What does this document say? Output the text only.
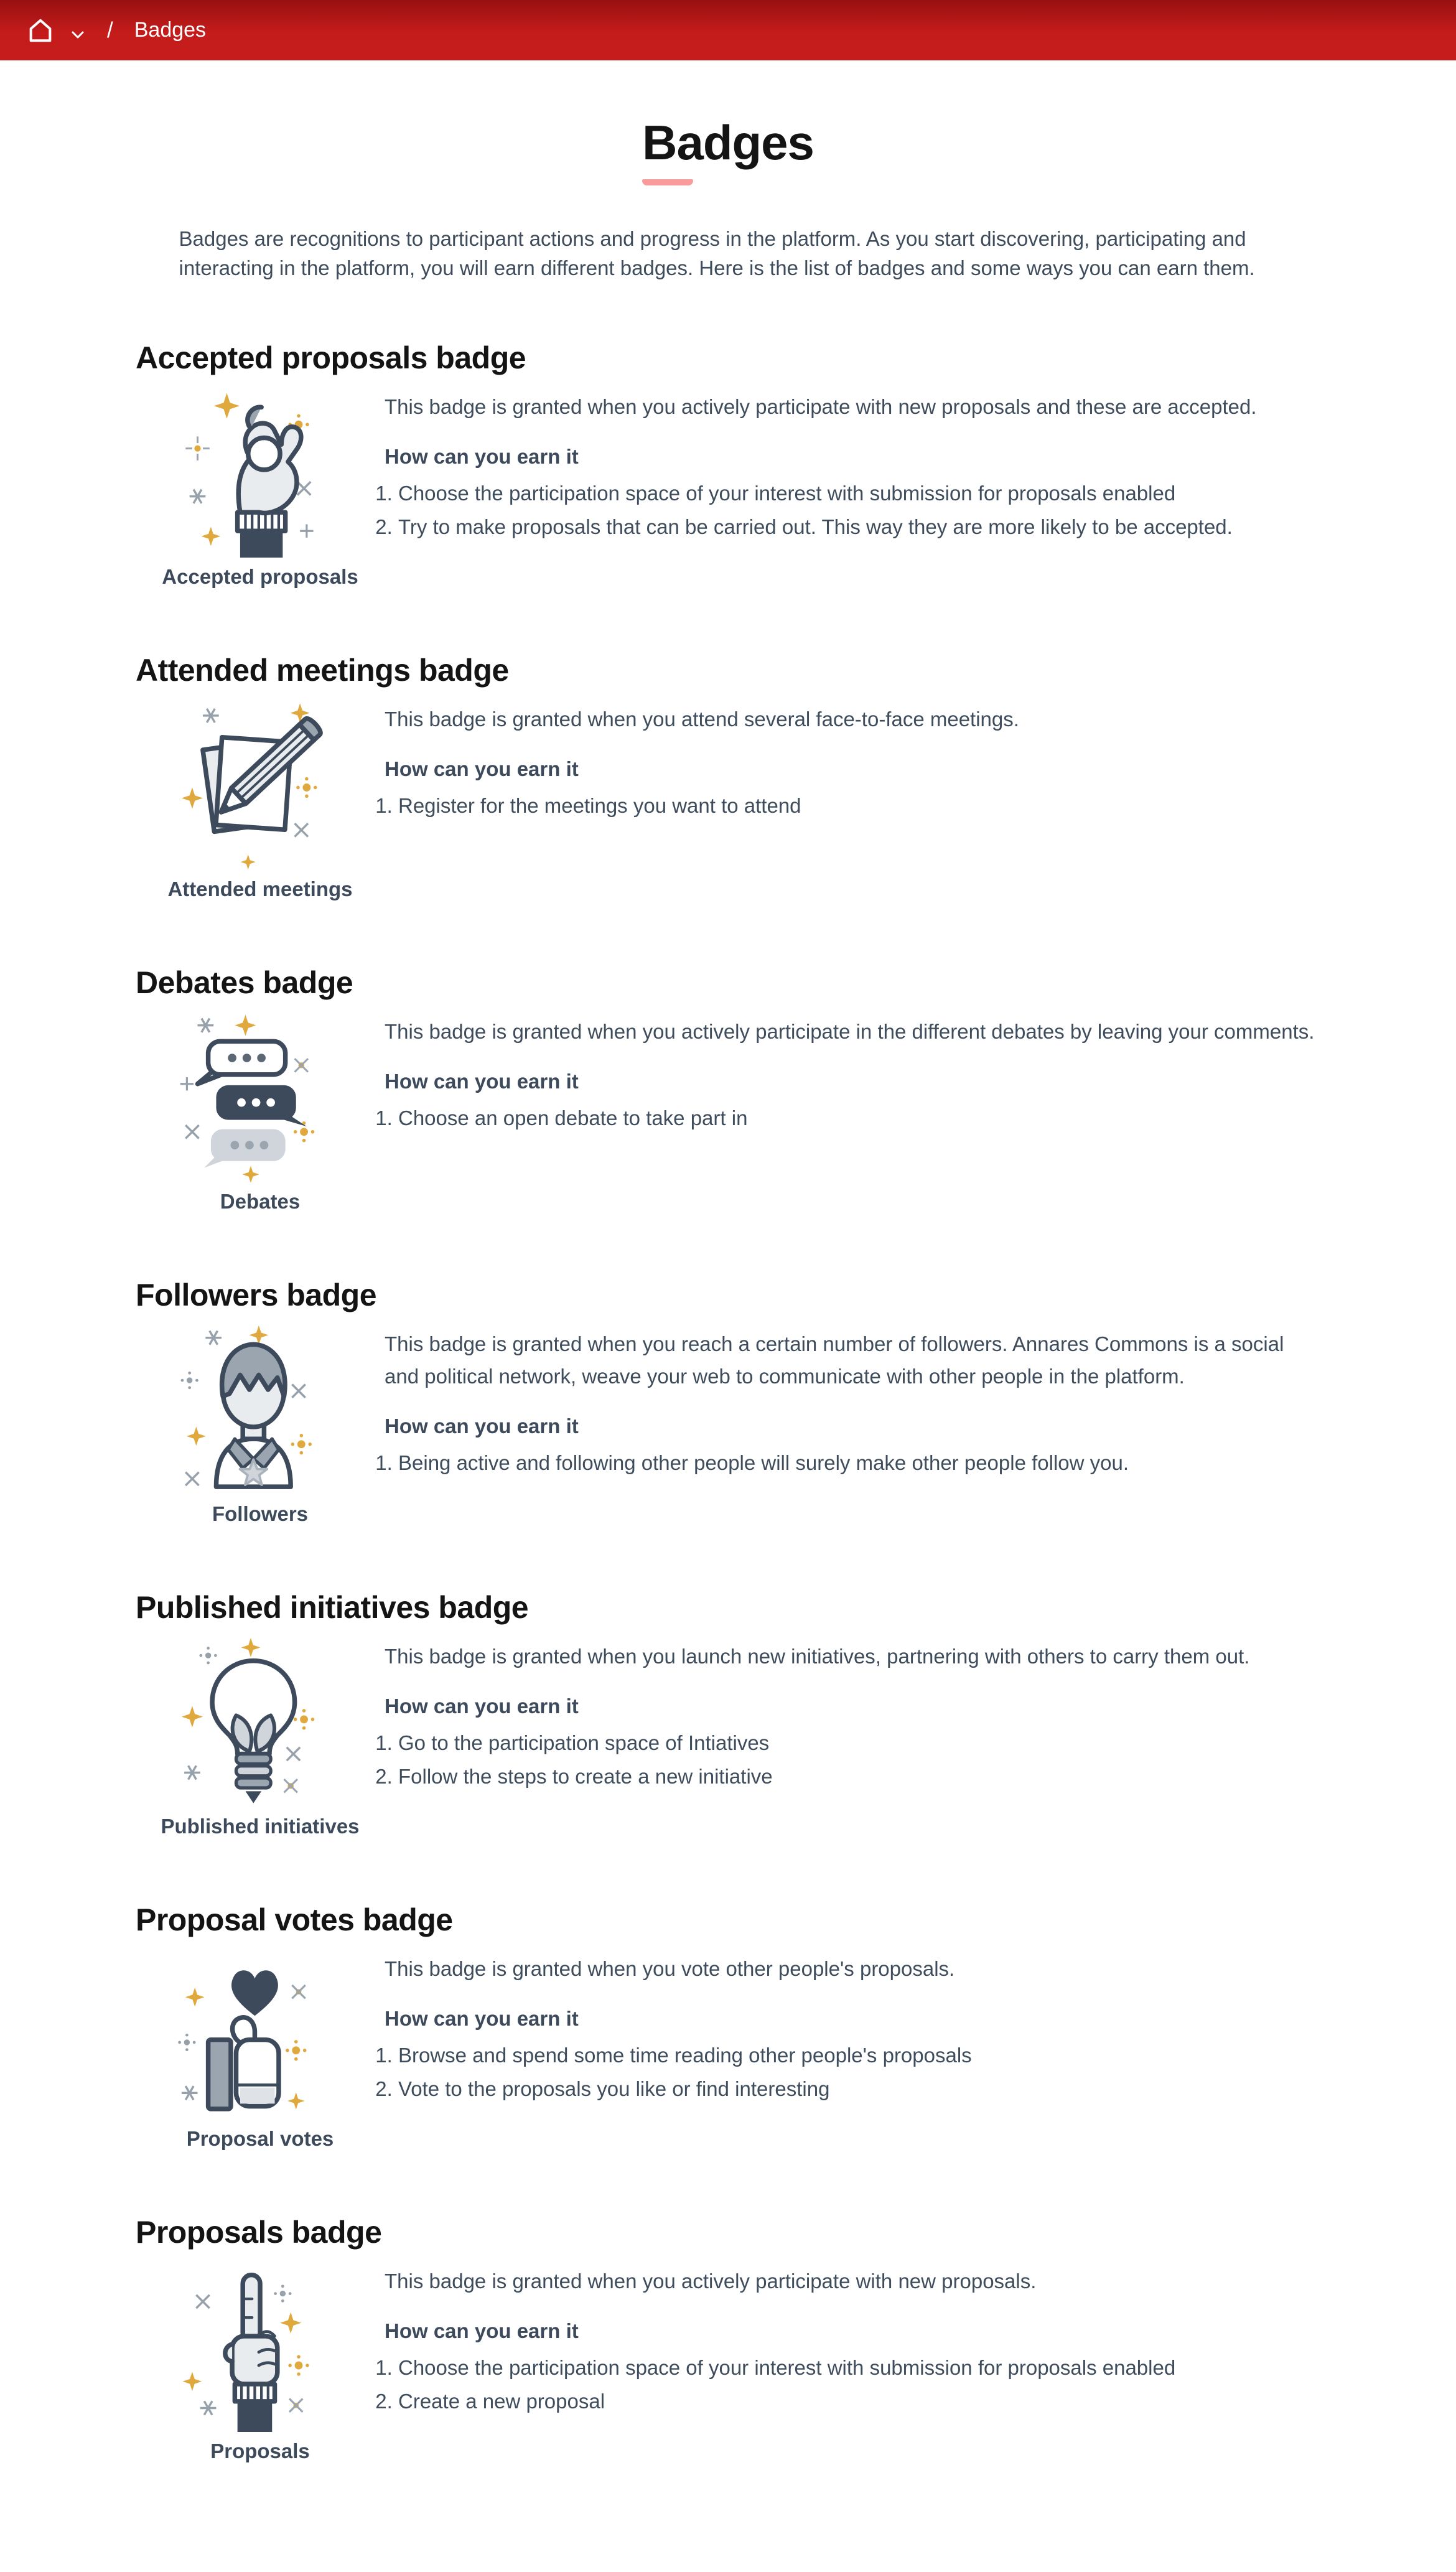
/ Badges
Badges

Badges are recognitions to participant actions and progress in the platform. As you start discovering, participating and interacting in the platform, you will earn different badges. Here is the list of badges and some ways you can earn them.

Accepted proposals badge
Accepted proposals

This badge is granted when you actively participate with new proposals and these are accepted.

How can you earn it

1. Choose the participation space of your interest with submission for proposals enabled
2. Try to make proposals that can be carried out. This way they are more likely to be accepted.
Attended meetings badge
Attended meetings

This badge is granted when you attend several face-to-face meetings.

How can you earn it

1. Register for the meetings you want to attend
Debates badge
Debates

This badge is granted when you actively participate in the different debates by leaving your comments.

How can you earn it

1. Choose an open debate to take part in
Followers badge
Followers

This badge is granted when you reach a certain number of followers. Annares Commons is a social and political network, weave your web to communicate with other people in the platform.

How can you earn it

1. Being active and following other people will surely make other people follow you.
Published initiatives badge
Published initiatives

This badge is granted when you launch new initiatives, partnering with others to carry them out.

How can you earn it

1. Go to the participation space of Intiatives
2. Follow the steps to create a new initiative
Proposal votes badge
Proposal votes

This badge is granted when you vote other people's proposals.

How can you earn it

1. Browse and spend some time reading other people's proposals
2. Vote to the proposals you like or find interesting
Proposals badge
Proposals

This badge is granted when you actively participate with new proposals.

How can you earn it

1. Choose the participation space of your interest with submission for proposals enabled
2. Create a new proposal
